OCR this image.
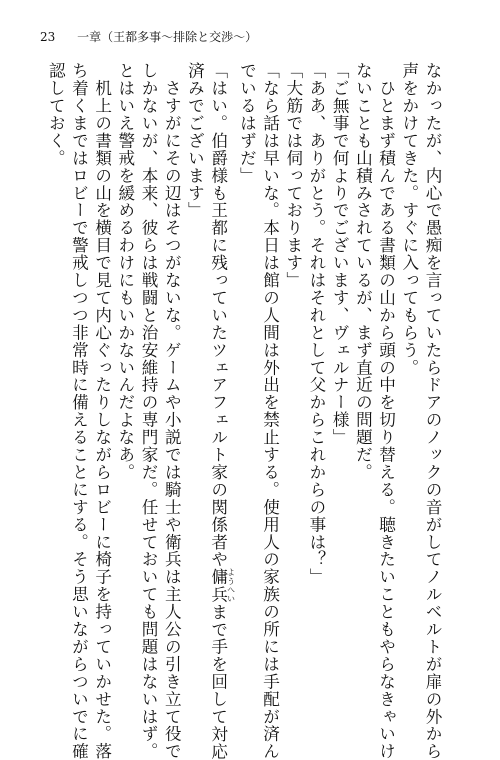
23 一章（王都多事〜排除と交渉〜）
なかったが、内心で愚痴を言っていたらドアのノックの音がしてノルベルトが扉の外から
声をかけてきた。すぐに入ってもらう。
　ひとまず積んである書類の山から頭の中を切り替える。聴きたいこともやらなきゃいけ
ないことも山積みされているが、まず直近の問題だ。
「ご無事で何よりでございます、ヴェルナー様」
「ああ、ありがとう。それはそれとして父からこれからの事は？」
「大筋では伺っております」
「なら話は早いな。本日は館の人間は外出を禁止する。使用人の家族の所には手配が済ん
でいるはずだ」
「はい。伯爵様も王都に残っていたツェアフェルト家の関係者や傭兵 ようへいまで手を回して対応
済みでございます」
　さすがにその辺はそつがないな。ゲームや小説では騎士や衛兵は主人公の引き立て役で
しかないが、本来、彼らは戦闘と治安維持の専門家だ。任せておいても問題はないはず。
とはいえ警戒を緩めるわけにもいかないんだよなあ。
　机上の書類の山を横目で見て内心ぐったりしながらロビーに椅子を持っていかせた。落
ち着くまではロビーで警戒しつつ非常時に備えることにする。そう思いながらついでに確
認しておく。
